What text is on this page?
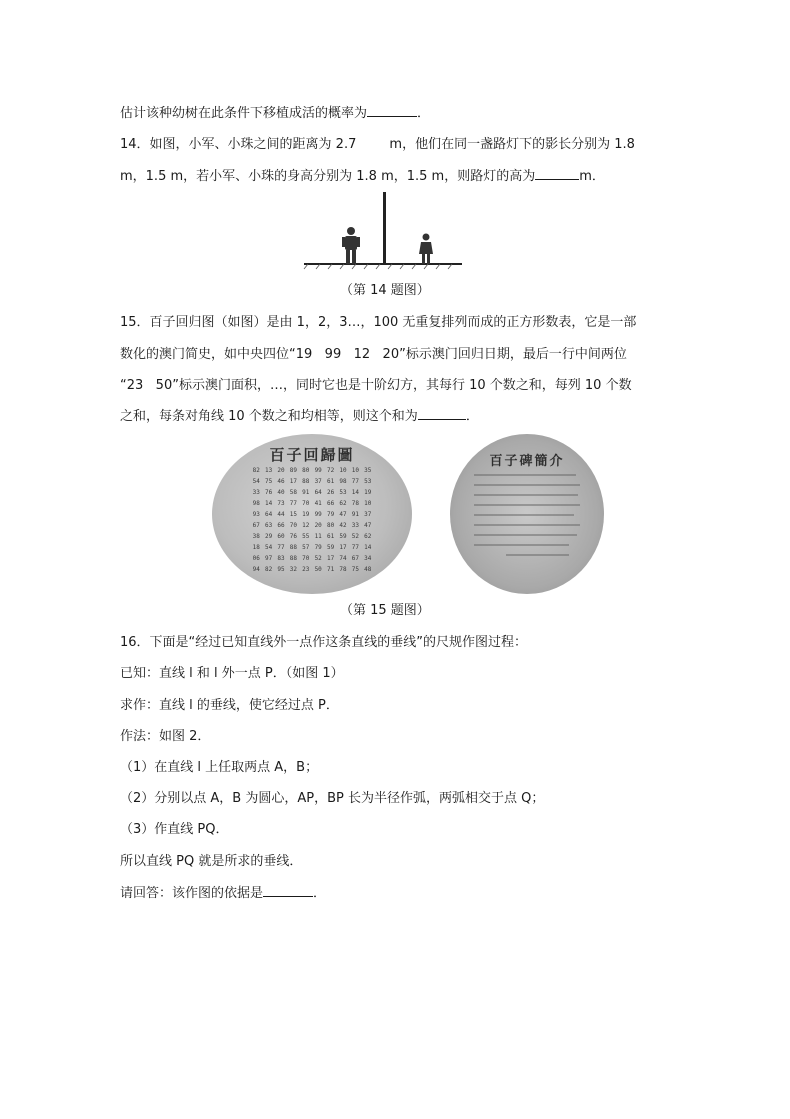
估计该种幼树在此条件下移植成活的概率为	．
14．如图，小军、小珠之间的距离为 2.7        m，他们在同一盏路灯下的影长分别为 1.8
m，1.5 m，若小军、小珠的身高分别为 1.8 m，1.5 m，则路灯的高为	m．
（第 14 题图）
15．百子回归图（如图）是由 1，2，3…，100 无重复排列而成的正方形数表，它是一部
数化的澳门简史，如中央四位“19   99   12   20”标示澳门回归日期，最后一行中间两位
“23   50”标示澳门面积，…，同时它也是十阶幻方，其每行 10 个数之和，每列 10 个数
之和，每条对角线 10 个数之和均相等，则这个和为	．
百子回歸圖
82 13 20 89 80 99 72 10 10 35
54 75 46 17 88 37 61 98 77 53
33 76 40 58 91 64 26 53 14 19
98 14 73 77 70 41 66 62 78 10
93 64 44 15 19 99 79 47 91 37
67 63 66 70 12 20 80 42 33 47
38 29 60 76 55 11 61 59 52 62
18 54 77 88 57 79 59 17 77 14
06 97 83 88 70 52 17 74 67 34
94 82 95 32 23 50 71 78 75 48
百子碑簡介
（第 15 题图）
16．下面是“经过已知直线外一点作这条直线的垂线”的尺规作图过程：
已知：直线 l 和 l 外一点 P．（如图 1）
求作：直线 l 的垂线，使它经过点 P．
作法：如图 2．
（1）在直线 l 上任取两点 A，B；
（2）分别以点 A，B 为圆心，AP，BP 长为半径作弧，两弧相交于点 Q；
（3）作直线 PQ．
所以直线 PQ 就是所求的垂线．
请回答：该作图的依据是	．
